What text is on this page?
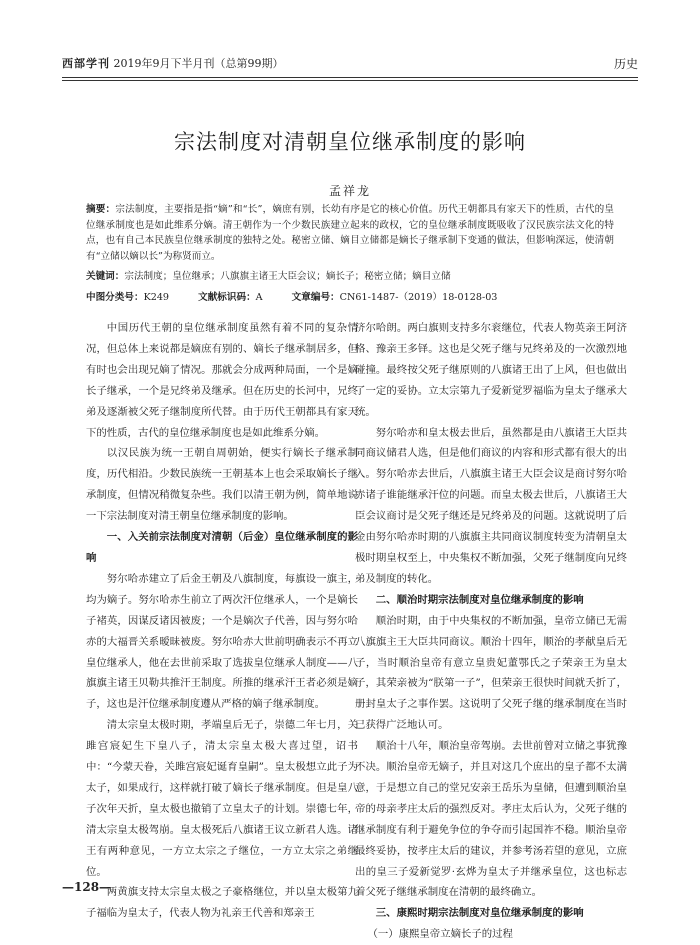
西部学刊 2019年9月下半月刊（总第99期）	历史
宗法制度对清朝皇位继承制度的影响
孟祥龙
摘要：宗法制度，主要指是指“嫡”和“长”，嫡庶有别，长幼有序是它的核心价值。历代王朝都具有家天下的性质，古代的皇位继承制度也是如此维系分嫡。清王朝作为一个少数民族建立起来的政权，它的皇位继承制度既吸收了汉民族宗法文化的特点，也有自己本民族皇位继承制度的独特之处。秘密立储、嫡目立储都是嫡长子继承制下变通的做法，但影响深远，使清朝有“立储以嫡以长”为称贤而立。
关键词：宗法制度；皇位继承；八旗旗主诸王大臣会议；嫡长子；秘密立储；嫡目立储
中图分类号：K249	文献标识码：A	文章编号：CN61-1487-（2019）18-0128-03

中国历代王朝的皇位继承制度虽然有着不同的复杂情况，但总体上来说都是嫡庶有别的、嫡长子继承制居多，但有时也会出现兄嫡了情况。那就会分成两种局面，一个是嫡长子继承，一个是兄终弟及继承。但在历史的长河中，兄终弟及逐渐被父死子继制度所代替。由于历代王朝都具有家天下的性质，古代的皇位继承制度也是如此维系分嫡。

以汉民族为统一王朝自周朝始，便实行嫡长子继承制度，历代相沿。少数民族统一王朝基本上也会采取嫡长子继承制度，但情况稍微复杂些。我们以清王朝为例，简单地说一下宗法制度对清王朝皇位继承制度的影响。

一、入关前宗法制度对清朝（后金）皇位继承制度的影响

努尔哈赤建立了后金王朝及八旗制度，每旗设一旗主，均为嫡子。努尔哈赤生前立了两次汗位继承人，一个是嫡长子褚英，因谋反诸因被废；一个是嫡次子代善，因与努尔哈赤的大福晋关系暧昧被废。努尔哈赤大世前明确表示不再立皇位继承人，他在去世前采取了选拔皇位继承人制度——八旗旗主诸王贝勒共推汗王制度。所推的继承汗王者必须是嫡子，这也是汗位继承制度遵从严格的嫡子继承制度。

清太宗皇太极时期，孝端皇后无子，崇德二年七月，关雎宫宸妃生下皇八子，清太宗皇太极大喜过望，诏书中：“今蒙天眷，关雎宫宸妃诞育皇嗣”。皇太极想立此子为太子，如果成行，这样就打破了嫡长子继承制度。但是皇八子次年天折，皇太极也撤销了立皇太子的计划。崇德七年，清太宗皇太极驾崩。皇太极死后八旗诸王议立新君人选。诸王有两种意见，一方立太宗之子继位，一方立太宗之弟继位。

两黄旗支持太宗皇太极之子豪格继位，并以皇太极第九子福临为皇太子，代表人物为礼亲王代善和郑亲王

济尔哈朗。两白旗则支持多尔衮继位，代表人物英亲王阿济格、豫亲王多铎。这也是父死子继与兄终弟及的一次激烈地碰撞。最终按父死子继原则的八旗诸王出了上风，但也做出了一定的妥协。立太宗第九子爱新觉罗福临为皇太子继承大统。

努尔哈赤和皇太极去世后，虽然都是由八旗诸王大臣共同商议储君人选，但是他们商议的内容和形式都有很大的出入。努尔哈赤去世后，八旗旗主诸王大臣会议是商讨努尔哈赤诸子谁能继承汗位的问题。而皇太极去世后，八旗诸王大臣会议商讨是父死子继还是兄终弟及的问题。这就说明了后金由努尔哈赤时期的八旗旗主共同商议制度转变为清朝皇太极时期皇权至上，中央集权不断加强，父死子继制度向兄终弟及制度的转化。

二、顺治时期宗法制度对皇位继承制度的影响

顺治时期，由于中央集权的不断加强，皇帝立储已无需八旗旗主王大臣共同商议。顺治十四年，顺治的孝献皇后无子，当时顺治皇帝有意立皇贵妃董鄂氏之子荣亲王为皇太子，其荣亲被为“朕第一子”，但荣亲王很快时间就夭折了，册封皇太子之事作罢。这说明了父死子继的继承制度在当时已获得广泛地认可。

顺治十八年，顺治皇帝驾崩。去世前曾对立储之事犹豫不决。顺治皇帝无嫡子，并且对这几个庶出的皇子都不太满意，于是想立自己的堂兄安亲王岳乐为皇储，但遭到顺治皇帝的母亲孝庄太后的强烈反对。孝庄太后认为，父死子继的继承制度有利于避免争位的争夺而引起国祚不稳。顺治皇帝最终妥协，按孝庄太后的建议，并参考汤若望的意见，立庶出的皇三子爱新觉罗·玄烨为皇太子并继承皇位，这也标志着父死子继继承制度在清朝的最终确立。

三、康熙时期宗法制度对皇位继承制度的影响
（一）康熙皇帝立嫡长子的过程
—128—
